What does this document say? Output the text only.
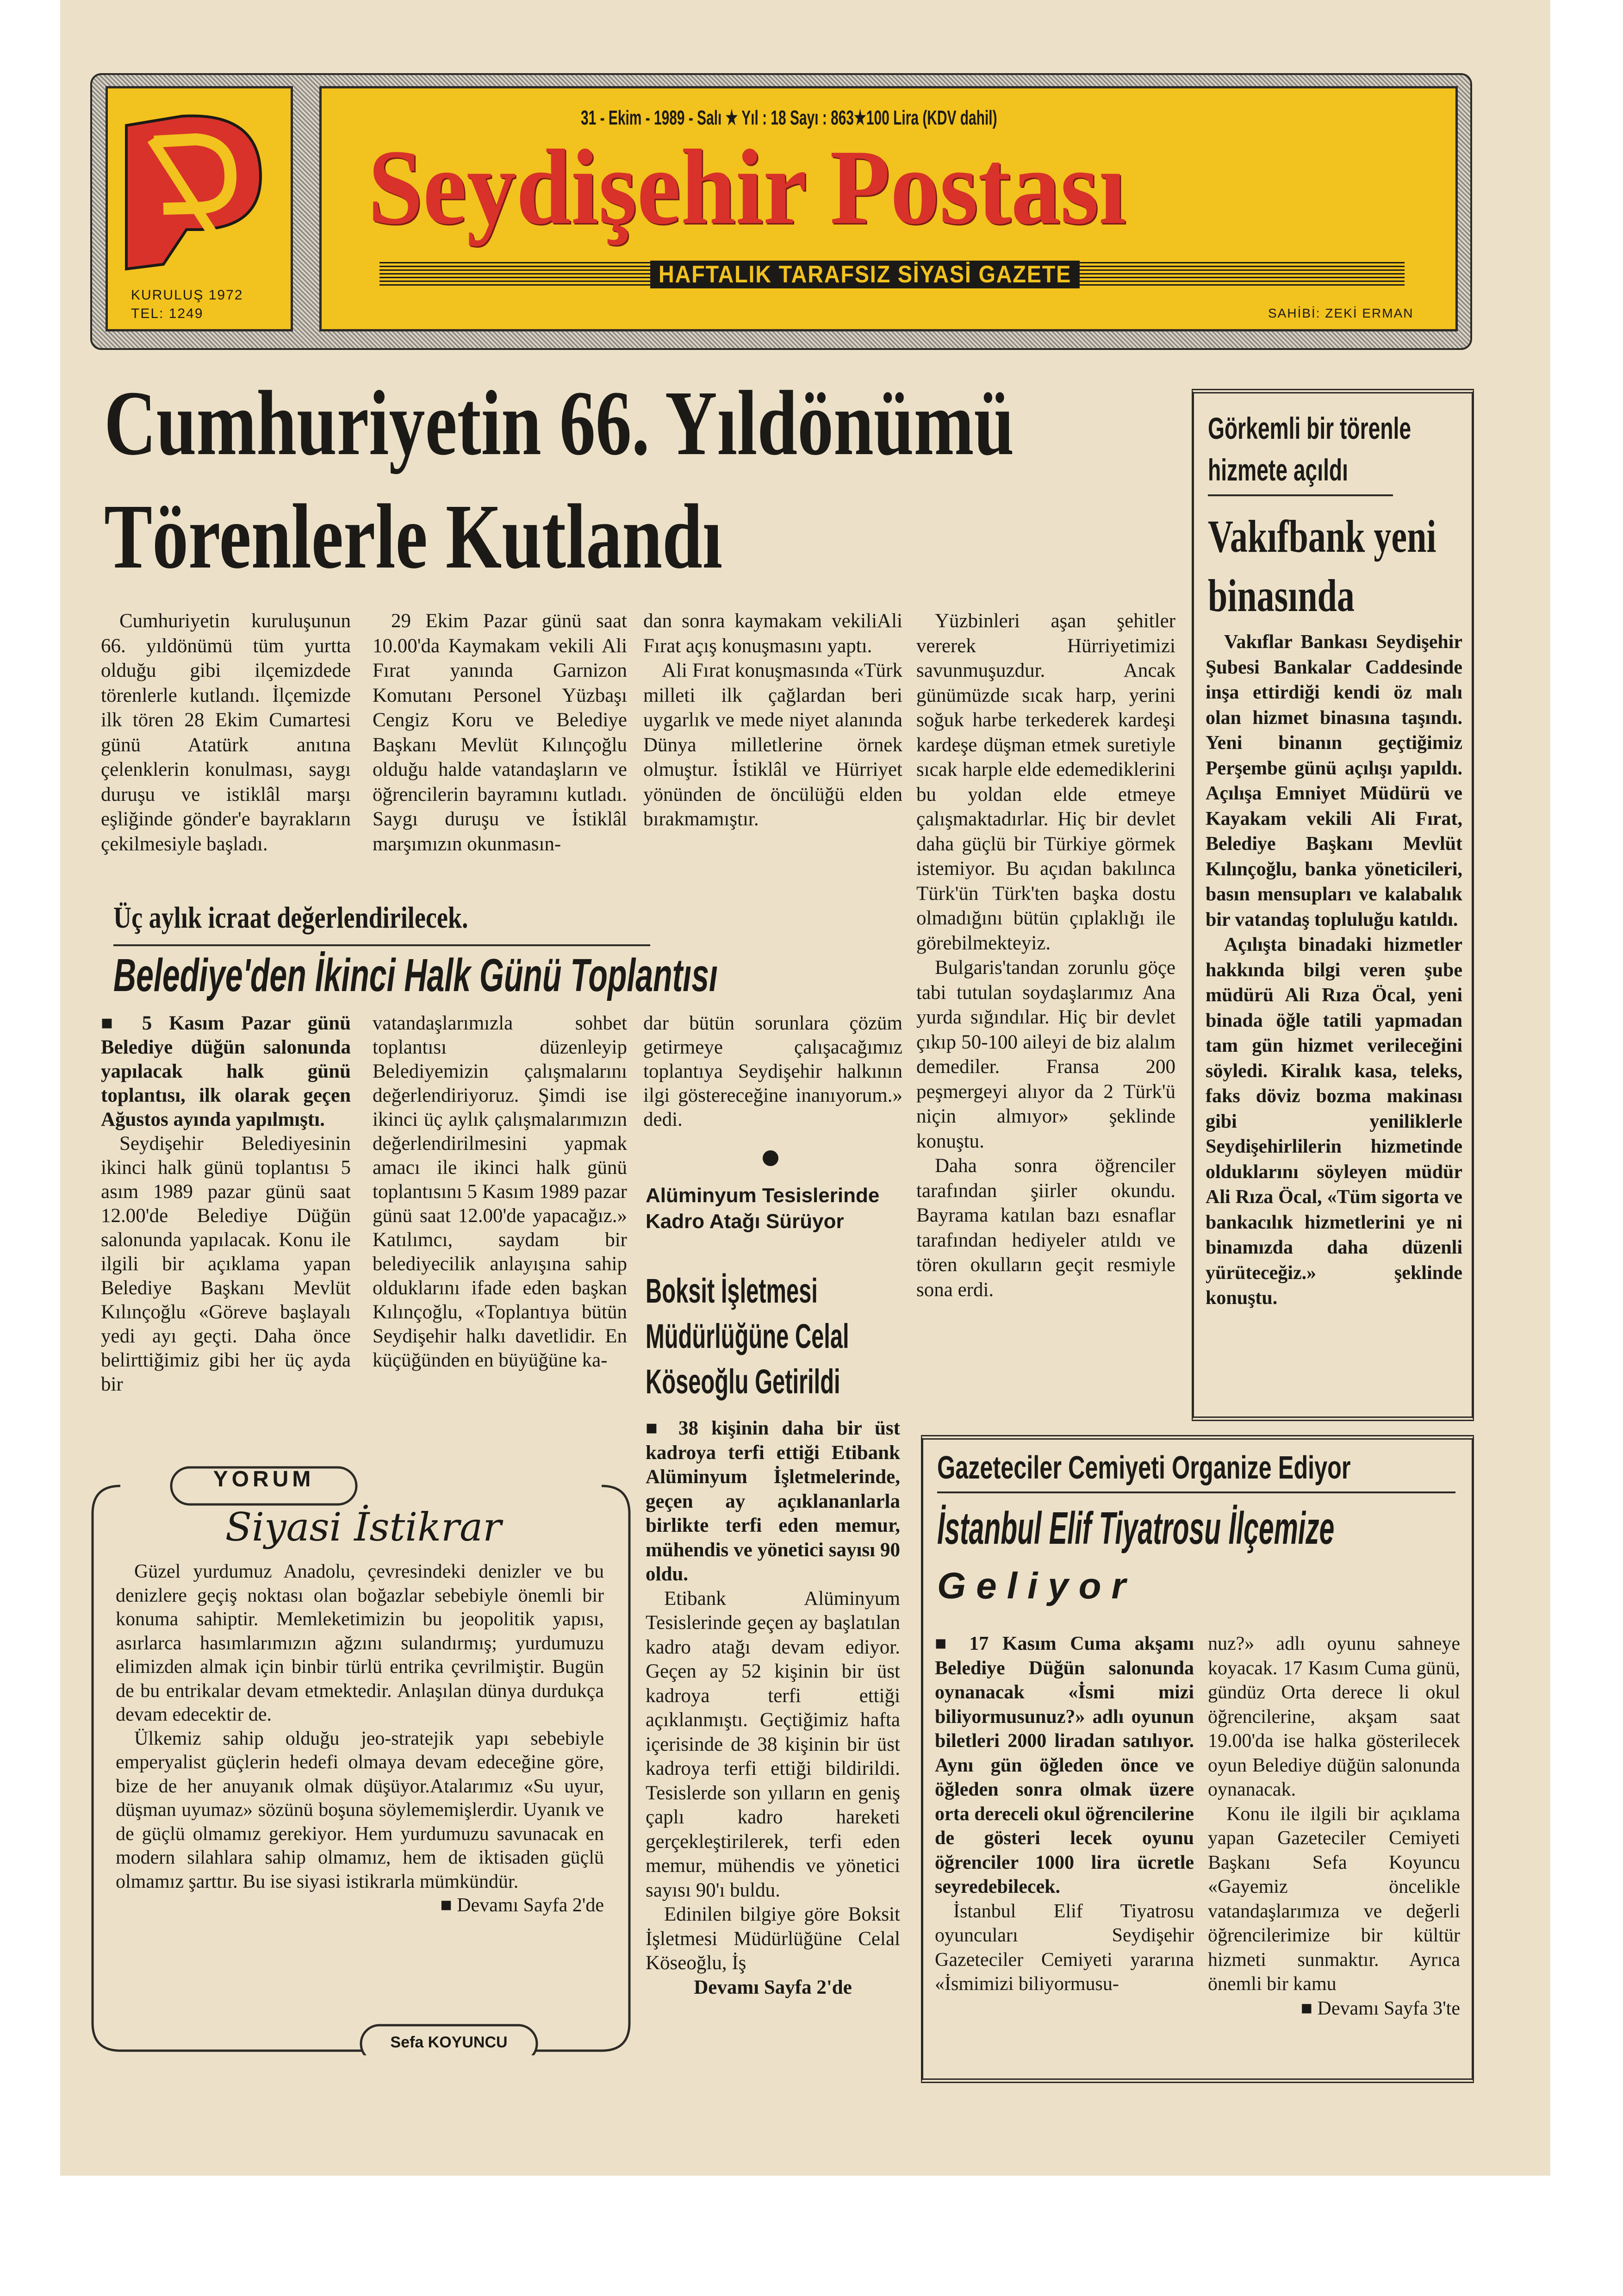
KURULUŞ 1972
TEL: 1249
31 - Ekim - 1989 - Salı ★ Yıl : 18 Sayı : 863★100 Lira (KDV dahil)
Seydişehir Postası
HAFTALIK TARAFSIZ SİYASİ GAZETE
SAHİBİ: ZEKİ ERMAN
Cumhuriyetin 66. Yıldönümü
Törenlerle Kutlandı

Cumhuriyetin kuruluşunun 66. yıldönümü tüm yurtta olduğu gibi ilçemizdede törenlerle kutlandı. İlçemizde ilk tören 28 Ekim Cumartesi günü Atatürk anıtına çelenklerin konulması, saygı duruşu ve istiklâl marşı eşliğinde gönder'e bayrakların çekilmesiyle başladı.

29 Ekim Pazar günü saat 10.00'da Kaymakam vekili Ali Fırat yanında Garnizon Komutanı Personel Yüzbaşı Cengiz Koru ve Belediye Başkanı Mevlüt Kılınçoğlu olduğu halde vatandaşların ve öğrencilerin bayramını kutladı. Saygı duruşu ve İstiklâl marşımızın okunmasın-

dan sonra kaymakam vekiliAli Fırat açış konuşmasını yaptı.

Ali Fırat konuşmasında «Türk milleti ilk çağlardan beri uygarlık ve mede niyet alanında Dünya milletlerine örnek olmuştur. İstiklâl ve Hürriyet yönünden de öncülüğü elden bırakmamıştır.

Yüzbinleri aşan şehitler vererek Hürriyetimizi savunmuşuzdur. Ancak günümüzde sıcak harp, yerini soğuk harbe terkederek kardeşi kardeşe düşman etmek suretiyle sıcak harple elde edemediklerini bu yoldan elde etmeye çalışmaktadırlar. Hiç bir devlet daha güçlü bir Türkiye görmek istemiyor. Bu açıdan bakılınca Türk'ün Türk'ten başka dostu olmadığını bütün çıplaklığı ile görebilmekteyiz.

Bulgaris'tandan zorunlu göçe tabi tutulan soydaşlarımız Ana yurda sığındılar. Hiç bir devlet çıkıp 50-100 aileyi de biz alalım demediler. Fransa 200 peşmergeyi alıyor da 2 Türk'ü niçin almıyor» şeklinde konuştu.

Daha sonra öğrenciler tarafından şiirler okundu. Bayrama katılan bazı esnaflar tarafından hediyeler atıldı ve tören okulların geçit resmiyle sona erdi.

Üç aylık icraat değerlendirilecek.
Belediye'den İkinci Halk Günü Toplantısı

■ 5 Kasım Pazar günü Belediye düğün salonunda yapılacak halk günü toplantısı, ilk olarak geçen Ağustos ayında yapılmıştı.

Seydişehir Belediyesinin ikinci halk günü toplantısı 5 asım 1989 pazar günü saat 12.00'de Belediye Düğün salonunda yapılacak. Konu ile ilgili bir açıklama yapan Belediye Başkanı Mevlüt Kılınçoğlu «Göreve başlayalı yedi ayı geçti. Daha önce belirttiğimiz gibi her üç ayda bir

vatandaşlarımızla sohbet toplantısı düzenleyip Belediyemizin çalışmalarını değerlendiriyoruz. Şimdi ise ikinci üç aylık çalışmalarımızın değerlendirilmesini yapmak amacı ile ikinci halk günü toplantısını 5 Kasım 1989 pazar günü saat 12.00'de yapacağız.» Katılımcı, saydam bir belediyecilik anlayışına sahip olduklarını ifade eden başkan Kılınçoğlu, «Toplantıya bütün Seydişehir halkı davetlidir. En küçüğünden en büyüğüne ka-

dar bütün sorunlara çözüm getirmeye çalışacağımız toplantıya Seydişehir halkının ilgi göstereceğine inanıyorum.» dedi.

Alüminyum Tesislerinde Kadro Atağı Sürüyor
Boksit İşletmesi Müdürlüğüne Celal Köseoğlu Getirildi

■ 38 kişinin daha bir üst kadroya terfi ettiği Etibank Alüminyum İşletmelerinde, geçen ay açıklananlarla birlikte terfi eden memur, mühendis ve yönetici sayısı 90 oldu.

Etibank Alüminyum Tesislerinde geçen ay başlatılan kadro atağı devam ediyor. Geçen ay 52 kişinin bir üst kadroya terfi ettiği açıklanmıştı. Geçtiğimiz hafta içerisinde de 38 kişinin bir üst kadroya terfi ettiği bildirildi. Tesislerde son yılların en geniş çaplı kadro hareketi gerçekleştirilerek, terfi eden memur, mühendis ve yönetici sayısı 90'ı buldu.

Edinilen bilgiye göre Boksit İşletmesi Müdürlüğüne Celal Köseoğlu, İş

Devamı Sayfa 2'de

Görkemli bir törenle hizmete açıldı
Vakıfbank yeni binasında

Vakıflar Bankası Seydişehir Şubesi Bankalar Caddesinde inşa ettirdiği kendi öz malı olan hizmet binasına taşındı. Yeni binanın geçtiğimiz Perşembe günü açılışı yapıldı. Açılışa Emniyet Müdürü ve Kayakam vekili Ali Fırat, Belediye Başkanı Mevlüt Kılınçoğlu, banka yöneticileri, basın mensupları ve kalabalık bir vatandaş topluluğu katıldı.

Açılışta binadaki hizmetler hakkında bilgi veren şube müdürü Ali Rıza Öcal, yeni binada öğle tatili yapmadan tam gün hizmet verileceğini söyledi. Kiralık kasa, teleks, faks döviz bozma makinası gibi yeniliklerle Seydişehirlilerin hizmetinde olduklarını söyleyen müdür Ali Rıza Öcal, «Tüm sigorta ve bankacılık hizmetlerini ye ni binamızda daha düzenli yürüteceğiz.» şeklinde konuştu.

YORUM
Siyasi İstikrar

Güzel yurdumuz Anadolu, çevresindeki denizler ve bu denizlere geçiş noktası olan boğazlar sebebiyle önemli bir konuma sahiptir. Memleketimizin bu jeopolitik yapısı, asırlarca hasımlarımızın ağzını sulandırmış; yurdumuzu elimizden almak için binbir türlü entrika çevrilmiştir. Bugün de bu entrikalar devam etmektedir. Anlaşılan dünya durdukça devam edecektir de.

Ülkemiz sahip olduğu jeo-stratejik yapı sebebiyle emperyalist güçlerin hedefi olmaya devam edeceğine göre, bize de her anuyanık olmak düşüyor.Atalarımız «Su uyur, düşman uyumaz» sözünü boşuna söylememişlerdir. Uyanık ve de güçlü olmamız gerekiyor. Hem yurdumuzu savunacak en modern silahlara sahip olmamız, hem de iktisaden güçlü olmamız şarttır. Bu ise siyasi istikrarla mümkündür.

■ Devamı Sayfa 2'de

Sefa KOYUNCU
Gazeteciler Cemiyeti Organize Ediyor
İstanbul Elif Tiyatrosu İlçemize
Geliyor

■ 17 Kasım Cuma akşamı Belediye Düğün salonunda oynanacak «İsmi mizi biliyormusunuz?» adlı oyunun biletleri 2000 liradan satılıyor. Aynı gün öğleden önce ve öğleden sonra olmak üzere orta dereceli okul öğrencilerine de gösteri lecek oyunu öğrenciler 1000 lira ücretle seyredebilecek.

İstanbul Elif Tiyatrosu oyuncuları Seydişehir Gazeteciler Cemiyeti yararına «İsmimizi biliyormusu-

nuz?» adlı oyunu sahneye koyacak. 17 Kasım Cuma günü, gündüz Orta derece li okul öğrencilerine, akşam saat 19.00'da ise halka gösterilecek oyun Belediye düğün salonunda oynanacak.

Konu ile ilgili bir açıklama yapan Gazeteciler Cemiyeti Başkanı Sefa Koyuncu «Gayemiz öncelikle vatandaşlarımıza ve değerli öğrencilerimize bir kültür hizmeti sunmaktır. Ayrıca önemli bir kamu

■ Devamı Sayfa 3'te
